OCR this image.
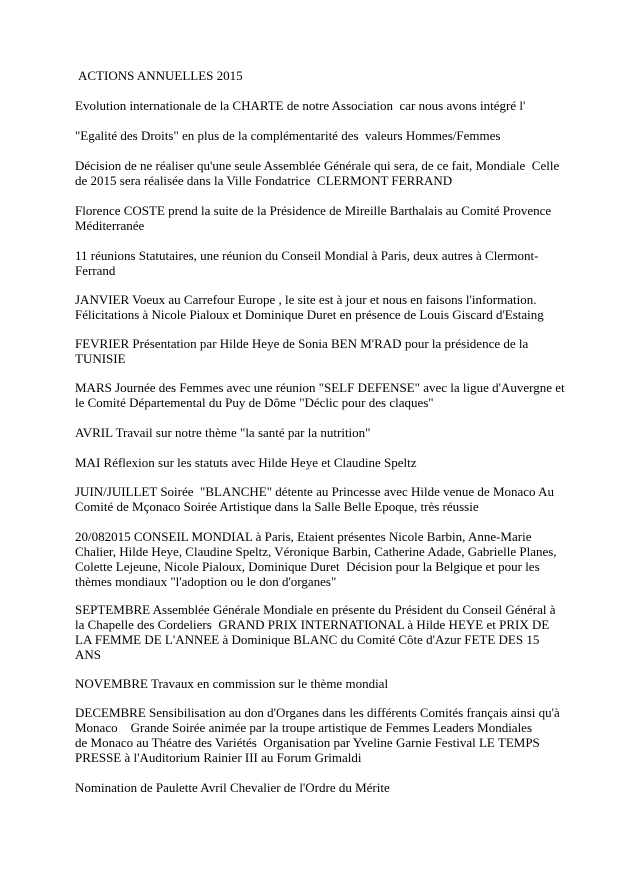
ACTIONS ANNUELLES 2015
Evolution internationale de la CHARTE de notre Association  car nous avons intégré l'
"Egalité des Droits" en plus de la complémentarité des  valeurs Hommes/Femmes
Décision de ne réaliser qu'une seule Assemblée Générale qui sera, de ce fait, Mondiale  Celle
de 2015 sera réalisée dans la Ville Fondatrice  CLERMONT FERRAND
Florence COSTE prend la suite de la Présidence de Mireille Barthalais au Comité Provence
Méditerranée
11 réunions Statutaires, une réunion du Conseil Mondial à Paris, deux autres à Clermont-
Ferrand
JANVIER Voeux au Carrefour Europe , le site est à jour et nous en faisons l'information.
Félicitations à Nicole Pialoux et Dominique Duret en présence de Louis Giscard d'Estaing
FEVRIER Présentation par Hilde Heye de Sonia BEN M'RAD pour la présidence de la
TUNISIE
MARS Journée des Femmes avec une réunion "SELF DEFENSE" avec la ligue d'Auvergne et
le Comité Départemental du Puy de Dôme "Déclic pour des claques"
AVRIL Travail sur notre thème "la santé par la nutrition"
MAI Réflexion sur les statuts avec Hilde Heye et Claudine Speltz
JUIN/JUILLET Soirée  "BLANCHE" détente au Princesse avec Hilde venue de Monaco Au
Comité de Mçonaco Soirée Artistique dans la Salle Belle Epoque, très réussie
20/082015 CONSEIL MONDIAL à Paris, Etaient présentes Nicole Barbin, Anne-Marie
Chalier, Hilde Heye, Claudine Speltz, Véronique Barbin, Catherine Adade, Gabrielle Planes,
Colette Lejeune, Nicole Pialoux, Dominique Duret  Décision pour la Belgique et pour les
thèmes mondiaux "l'adoption ou le don d'organes"
SEPTEMBRE Assemblée Générale Mondiale en présente du Président du Conseil Général à
la Chapelle des Cordeliers  GRAND PRIX INTERNATIONAL à Hilde HEYE et PRIX DE
LA FEMME DE L'ANNEE à Dominique BLANC du Comité Côte d'Azur FETE DES 15
ANS
NOVEMBRE Travaux en commission sur le thème mondial
DECEMBRE Sensibilisation au don d'Organes dans les différents Comités français ainsi qu'à
Monaco    Grande Soirée animée par la troupe artistique de Femmes Leaders Mondiales
de Monaco au Théatre des Variétés  Organisation par Yveline Garnie Festival LE TEMPS
PRESSE à l'Auditorium Rainier III au Forum Grimaldi
Nomination de Paulette Avril Chevalier de l'Ordre du Mérite
